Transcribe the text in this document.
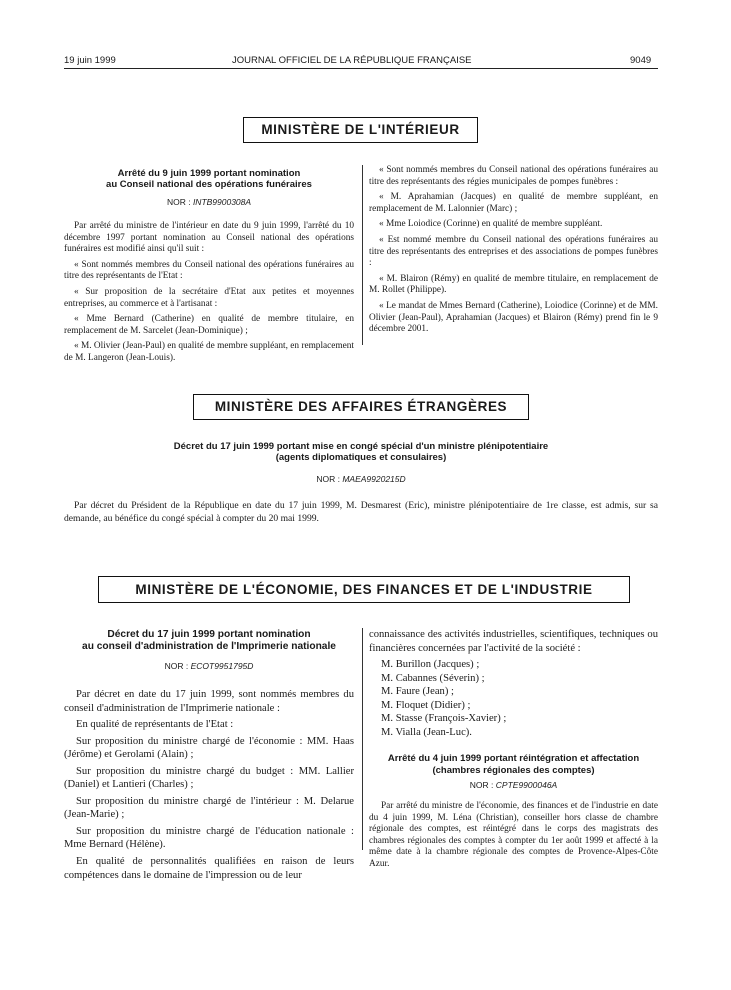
19 juin 1999	JOURNAL OFFICIEL DE LA RÉPUBLIQUE FRANÇAISE	9049
MINISTÈRE DE L'INTÉRIEUR
Arrêté du 9 juin 1999 portant nomination
au Conseil national des opérations funéraires
NOR : INTB9900308A

Par arrêté du ministre de l'intérieur en date du 9 juin 1999, l'arrêté du 10 décembre 1997 portant nomination au Conseil national des opérations funéraires est modifié ainsi qu'il suit :

« Sont nommés membres du Conseil national des opérations funéraires au titre des représentants de l'Etat :

« Sur proposition de la secrétaire d'Etat aux petites et moyennes entreprises, au commerce et à l'artisanat :

« Mme Bernard (Catherine) en qualité de membre titulaire, en remplacement de M. Sarcelet (Jean-Dominique) ;

« M. Olivier (Jean-Paul) en qualité de membre suppléant, en remplacement de M. Langeron (Jean-Louis).

« Sont nommés membres du Conseil national des opérations funéraires au titre des représentants des régies municipales de pompes funèbres :

« M. Aprahamian (Jacques) en qualité de membre suppléant, en remplacement de M. Lalonnier (Marc) ;

« Mme Loiodice (Corinne) en qualité de membre suppléant.

« Est nommé membre du Conseil national des opérations funéraires au titre des représentants des entreprises et des associations de pompes funèbres :

« M. Blairon (Rémy) en qualité de membre titulaire, en remplacement de M. Rollet (Philippe).

« Le mandat de Mmes Bernard (Catherine), Loiodice (Corinne) et de MM. Olivier (Jean-Paul), Aprahamian (Jacques) et Blairon (Rémy) prend fin le 9 décembre 2001.

MINISTÈRE DES AFFAIRES ÉTRANGÈRES
Décret du 17 juin 1999 portant mise en congé spécial d'un ministre plénipotentiaire
(agents diplomatiques et consulaires)
NOR : MAEA9920215D

Par décret du Président de la République en date du 17 juin 1999, M. Desmarest (Eric), ministre plénipotentiaire de 1re classe, est admis, sur sa demande, au bénéfice du congé spécial à compter du 20 mai 1999.

MINISTÈRE DE L'ÉCONOMIE, DES FINANCES ET DE L'INDUSTRIE
Décret du 17 juin 1999 portant nomination
au conseil d'administration de l'Imprimerie nationale
NOR : ECOT9951795D

Par décret en date du 17 juin 1999, sont nommés membres du conseil d'administration de l'Imprimerie nationale :

En qualité de représentants de l'Etat :

Sur proposition du ministre chargé de l'économie : MM. Haas (Jérôme) et Gerolami (Alain) ;

Sur proposition du ministre chargé du budget : MM. Lallier (Daniel) et Lantieri (Charles) ;

Sur proposition du ministre chargé de l'intérieur : M. Delarue (Jean-Marie) ;

Sur proposition du ministre chargé de l'éducation nationale : Mme Bernard (Hélène).

En qualité de personnalités qualifiées en raison de leurs compétences dans le domaine de l'impression ou de leur

connaissance des activités industrielles, scientifiques, techniques ou financières concernées par l'activité de la société :

M. Burillon (Jacques) ;
M. Cabannes (Séverin) ;
M. Faure (Jean) ;
M. Floquet (Didier) ;
M. Stasse (François-Xavier) ;
M. Vialla (Jean-Luc).
Arrêté du 4 juin 1999 portant réintégration et affectation
(chambres régionales des comptes)
NOR : CPTE9900046A

Par arrêté du ministre de l'économie, des finances et de l'industrie en date du 4 juin 1999, M. Léna (Christian), conseiller hors classe de chambre régionale des comptes, est réintégré dans le corps des magistrats des chambres régionales des comptes à compter du 1er août 1999 et affecté à la même date à la chambre régionale des comptes de Provence-Alpes-Côte Azur.
